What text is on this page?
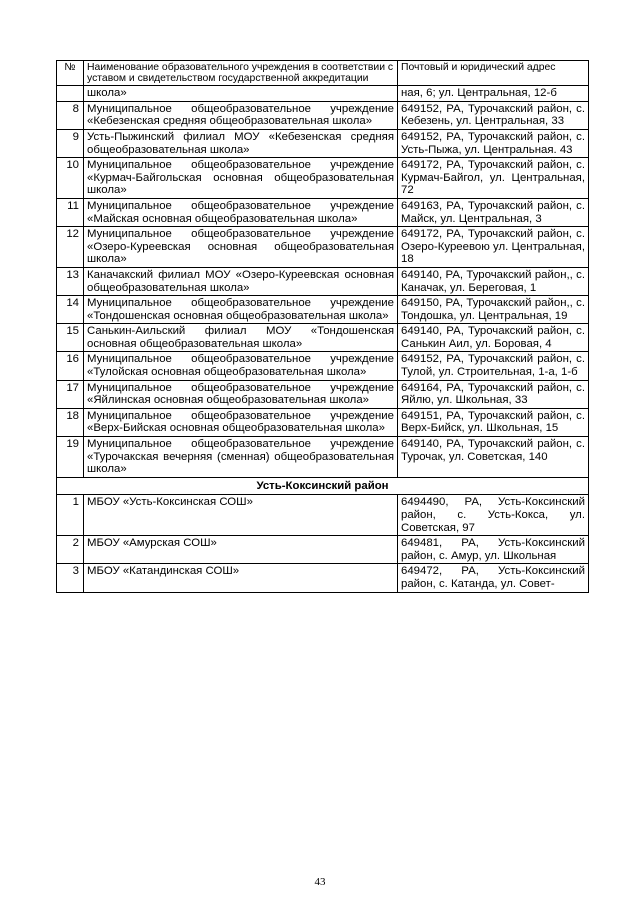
№	Наименование образовательного учреждения в соответствии с уставом и свидетельством государственной аккредитации	Почтовый и юридический адрес
	школа»	ная, 6; ул. Центральная, 12-б
8	Муниципальное общеобразовательное учреждение «Кебезенская средняя общеобразовательная школа»	649152, РА, Турочакский район, с. Кебезень, ул. Центральная, 33
9	Усть-Пыжинский филиал МОУ «Кебезенская средняя общеобразовательная школа»	649152, РА, Турочакский район, с. Усть-Пыжа, ул. Центральная. 43
10	Муниципальное общеобразовательное учреждение «Курмач-Байгольская основная общеобразовательная школа»	649172, РА, Турочакский район, с. Курмач-Байгол, ул. Центральная, 72
11	Муниципальное общеобразовательное учреждение «Майская основная общеобразовательная школа»	649163, РА, Турочакский район, с. Майск, ул. Центральная, 3
12	Муниципальное общеобразовательное учреждение «Озеро-Куреевская основная общеобразовательная школа»	649172, РА, Турочакский район, с. Озеро-Куреевою ул. Центральная, 18
13	Каначакский филиал МОУ «Озеро-Куреевская основная общеобразовательная школа»	649140, РА, Турочакский район,, с. Каначак, ул. Береговая, 1
14	Муниципальное общеобразовательное учреждение «Тондошенская основная общеобразовательная школа»	649150, РА, Турочакский район,, с. Тондошка, ул. Центральная, 19
15	Санькин-Аильский филиал МОУ «Тондошенская основная общеобразовательная школа»	649140, РА, Турочакский район, с. Санькин Аил, ул. Боровая, 4
16	Муниципальное общеобразовательное учреждение «Тулойская основная общеобразовательная школа»	649152, РА, Турочакский район, с. Тулой, ул. Строительная, 1-а, 1-б
17	Муниципальное общеобразовательное учреждение «Яйлинская основная общеобразовательная школа»	649164, РА, Турочакский район, с. Яйлю, ул. Школьная, 33
18	Муниципальное общеобразовательное учреждение «Верх-Бийская основная общеобразовательная школа»	649151, РА, Турочакский район, с. Верх-Бийск, ул. Школьная, 15
19	Муниципальное общеобразовательное учреждение «Турочакская вечерняя (сменная) общеобразовательная школа»	649140, РА, Турочакский район, с. Турочак, ул. Советская, 140
Усть-Коксинский район		
1	МБОУ «Усть-Коксинская СОШ»	6494490, РА, Усть-Коксинский район, с. Усть-Кокса, ул. Советская, 97
2	МБОУ «Амурская СОШ»	649481, РА, Усть-Коксинский район, с. Амур, ул. Школьная
3	МБОУ «Катандинская СОШ»	649472, РА, Усть-Коксинский район, с. Катанда, ул. Совет-
43
